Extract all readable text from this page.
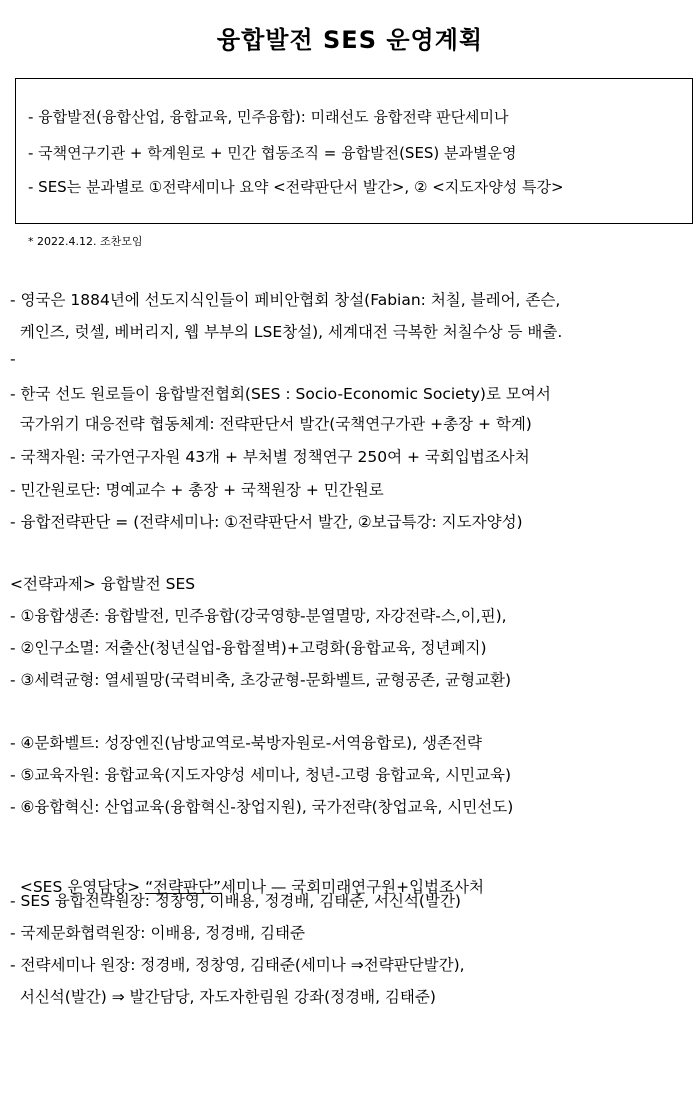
융합발전 SES 운영계획
- 융합발전(융합산업, 융합교육, 민주융합): 미래선도 융합전략 판단세미나
- 국책연구기관 + 학계원로 + 민간 협동조직 = 융합발전(SES) 분과별운영
- SES는 분과별로 ①전략세미나 요약 <전략판단서 발간>, ② <지도자양성 특강>
* 2022.4.12. 조찬모임
- 영국은 1884년에 선도지식인들이 페비안협회 창설(Fabian: 처칠, 블레어, 존슨,
케인즈, 럿셀, 베버리지, 웹 부부의 LSE창설), 세계대전 극복한 처칠수상 등 배출.
-
- 한국 선도 원로들이 융합발전협회(SES : Socio-Economic Society)로 모여서
국가위기 대응전략 협동체계: 전략판단서 발간(국책연구가관 +총장 + 학계)
- 국책자원: 국가연구자원 43개 + 부처별 정책연구 250여 + 국회입법조사처
- 민간원로단: 명예교수 + 총장 + 국책원장 + 민간원로
- 융합전략판단 = (전략세미나: ①전략판단서 발간, ②보급특강: 지도자양성)
<전략과제> 융합발전 SES
- ①융합생존: 융합발전, 민주융합(강국영향-분열멸망, 자강전략-스,이,핀),
- ②인구소멸: 저출산(청년실업-융합절벽)+고령화(융합교육, 정년폐지)
- ③세력균형: 열세필망(국력비축, 초강균형-문화벨트, 균형공존, 균형교환)
- ④문화벨트: 성장엔진(남방교역로-북방자원로-서역융합로), 생존전략
- ⑤교육자원: 융합교육(지도자양성 세미나, 청년-고령 융합교육, 시민교육)
- ⑥융합혁신: 산업교육(융합혁신-창업지원), 국가전략(창업교육, 시민선도)

<SES 운영담당> “전략판단”세미나 — 국회미래연구원+입법조사처

- SES 융합전략원장: 정창영, 이배용, 정경배, 김태준, 서신석(발간)
- 국제문화협력원장: 이배용, 정경배, 김태준
- 전략세미나 원장: 정경배, 정창영, 김태준(세미나 ⇒전략판단발간),
서신석(발간) ⇒ 발간담당, 자도자한림원 강좌(정경배, 김태준)
